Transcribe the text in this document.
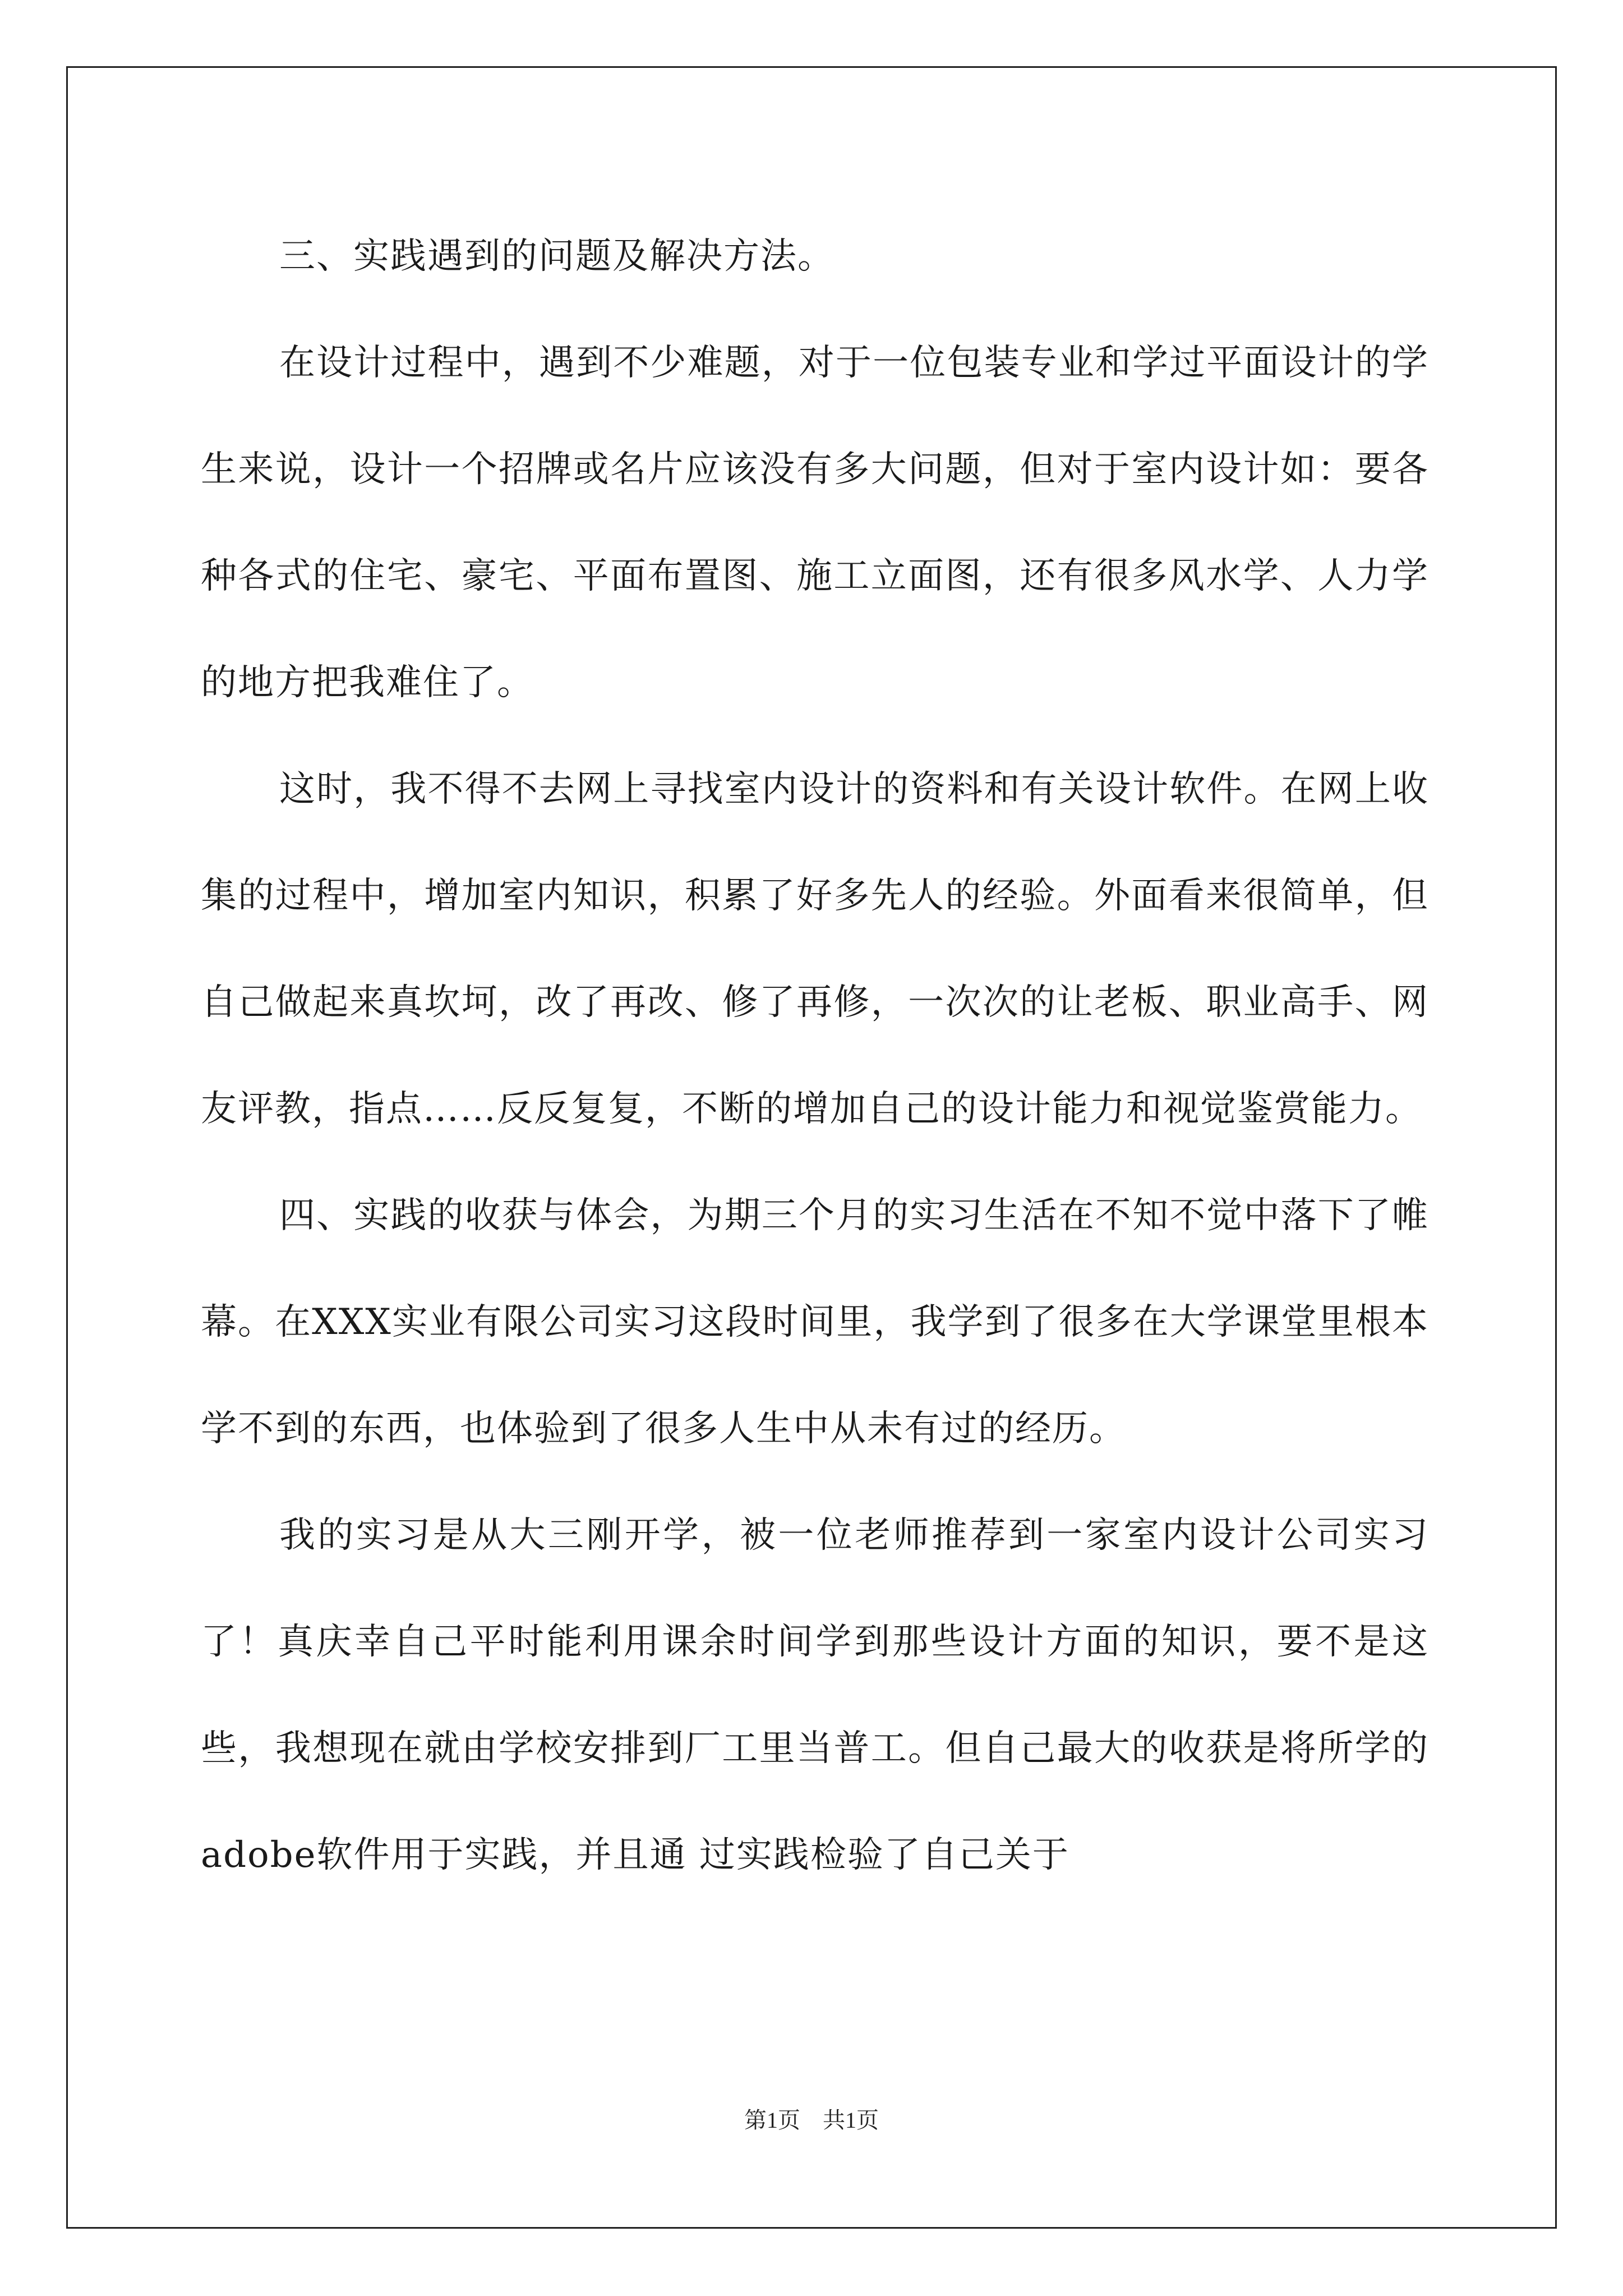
三、实践遇到的问题及解决方法。

在设计过程中，遇到不少难题，对于一位包装专业和学过平面设计的学生来说，设计一个招牌或名片应该没有多大问题，但对于室内设计如：要各种各式的住宅、豪宅、平面布置图、施工立面图，还有很多风水学、人力学的地方把我难住了。

这时，我不得不去网上寻找室内设计的资料和有关设计软件。在网上收集的过程中，增加室内知识，积累了好多先人的经验。外面看来很简单，但自己做起来真坎坷，改了再改、修了再修，一次次的让老板、职业高手、网友评教，指点……反反复复，不断的增加自己的设计能力和视觉鉴赏能力。

四、实践的收获与体会，为期三个月的实习生活在不知不觉中落下了帷幕。在XXX实业有限公司实习这段时间里，我学到了很多在大学课堂里根本学不到的东西，也体验到了很多人生中从未有过的经历。

我的实习是从大三刚开学，被一位老师推荐到一家室内设计公司实习了！真庆幸自己平时能利用课余时间学到那些设计方面的知识，要不是这些，我想现在就由学校安排到厂工里当普工。但自己最大的收获是将所学的adobe软件用于实践，并且通 过实践检验了自己关于

第1页 共1页
